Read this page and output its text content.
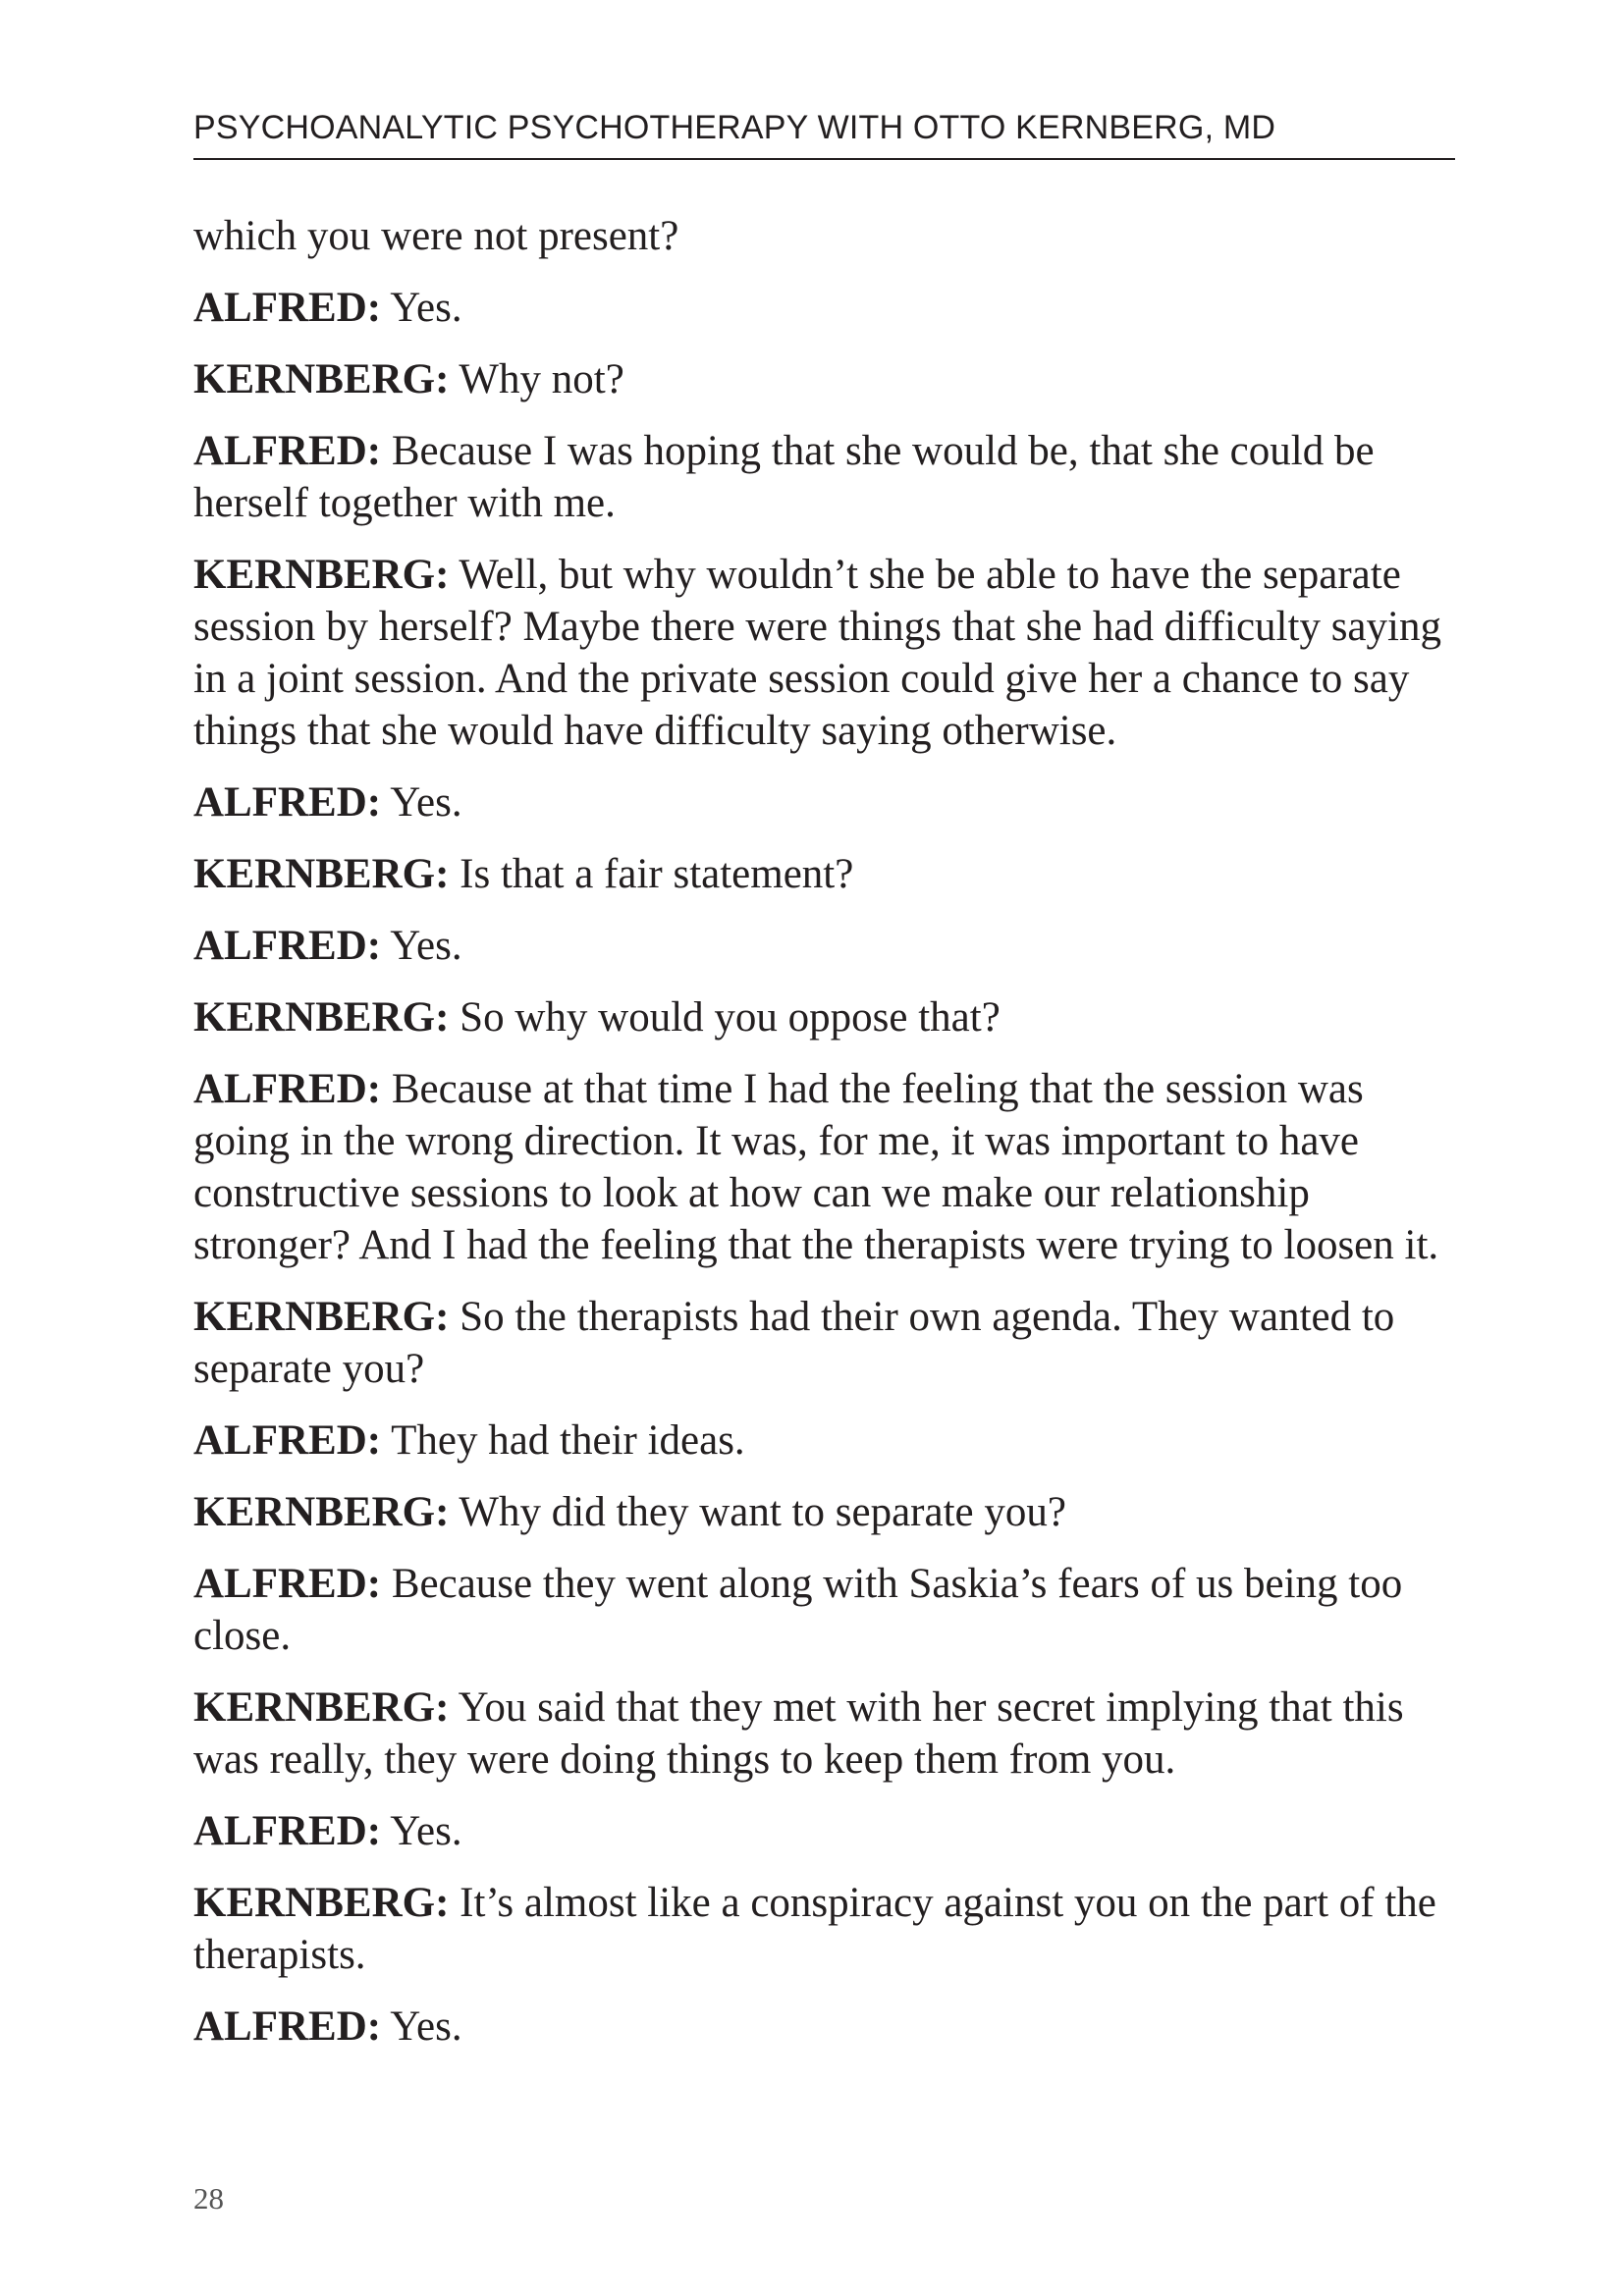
PSYCHOANALYTIC PSYCHOTHERAPY WITH OTTO KERNBERG, MD

which you were not present?

ALFRED: Yes.

KERNBERG: Why not?

ALFRED: Because I was hoping that she would be, that she could be herself together with me.

KERNBERG: Well, but why wouldn’t she be able to have the separate session by herself? Maybe there were things that she had difficulty saying in a joint session. And the private session could give her a chance to say things that she would have difficulty saying otherwise.

ALFRED: Yes.

KERNBERG: Is that a fair statement?

ALFRED: Yes.

KERNBERG: So why would you oppose that?

ALFRED: Because at that time I had the feeling that the session was going in the wrong direction. It was, for me, it was important to have constructive sessions to look at how can we make our relationship stronger? And I had the feeling that the therapists were trying to loosen it.

KERNBERG: So the therapists had their own agenda. They wanted to separate you?

ALFRED: They had their ideas.

KERNBERG: Why did they want to separate you?

ALFRED: Because they went along with Saskia’s fears of us being too close.

KERNBERG: You said that they met with her secret implying that this was really, they were doing things to keep them from you.

ALFRED: Yes.

KERNBERG: It’s almost like a conspiracy against you on the part of the therapists.

ALFRED: Yes.

28
